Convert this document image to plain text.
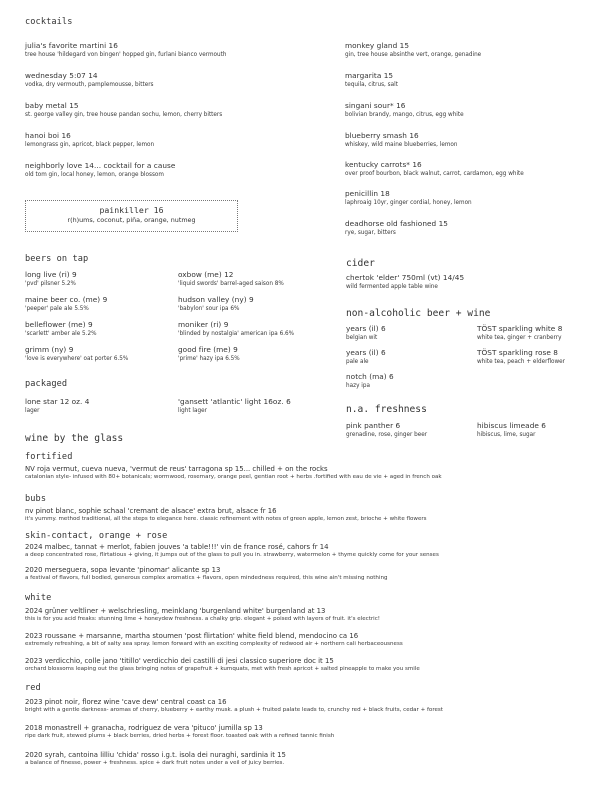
cocktails
julia's favorite martini 16
tree house 'hildegard von bingen' hopped gin, furlani bianco vermouth
wednesday 5:07 14
vodka, dry vermouth, pamplemousse, bitters
baby metal 15
st. george valley gin, tree house pandan sochu, lemon, cherry bitters
hanoi boi 16
lemongrass gin, apricot, black pepper, lemon
neighborly love 14... cocktail for a cause
old tom gin, local honey, lemon, orange blossom
painkiller 16
r(h)ums, coconut, piña, orange, nutmeg
monkey gland 15
gin, tree house absinthe vert, orange, genadine
margarita 15
tequila, citrus, salt
singani sour* 16
bolivian brandy, mango, citrus, egg white
blueberry smash 16
whiskey, wild maine blueberries, lemon
kentucky carrots* 16
over proof bourbon, black walnut, carrot, cardamon, egg white
penicillin 18
laphroaig 10yr, ginger cordial, honey, lemon
deadhorse old fashioned 15
rye, sugar, bitters
beers on tap
long live (ri) 9
'pvd' pilsner 5.2%
maine beer co. (me) 9
'peeper' pale ale 5.5%
belleflower (me) 9
'scarlett' amber ale 5.2%
grimm (ny) 9
'love is everywhere' oat porter 6.5%
oxbow (me) 12
'liquid swords' barrel-aged saison 8%
hudson valley (ny) 9
'babylon' sour ipa 6%
moniker (ri) 9
'blinded by nostalgia' american ipa 6.6%
good fire (me) 9
'prime' hazy ipa 6.5%
cider
chertok 'elder' 750ml (vt) 14/45
wild fermented apple table wine
non-alcoholic beer + wine
years (il) 6
belgian wit
years (il) 6
pale ale
notch (ma) 6
hazy ipa
TÖST sparkling white 8
white tea, ginger + cranberry
TÖST sparkling rose 8
white tea, peach + elderflower
n.a. freshness
pink panther 6
grenadine, rose, ginger beer
hibiscus limeade 6
hibiscus, lime, sugar
packaged
lone star 12 oz. 4
lager
'gansett 'atlantic' light 16oz. 6
light lager
wine by the glass
fortified
NV roja vermut, cueva nueva, 'vermut de reus' tarragona sp 15... chilled + on the rocks
catalonian style- infused with 80+ botanicals; wormwood, rosemary, orange peel, gentian root + herbs .fortified with eau de vie + aged in french oak
bubs
nv pinot blanc, sophie schaal 'cremant de alsace' extra brut, alsace fr 16
it's yummy. method traditional, all the steps to elegance here. classic refinement with notes of green apple, lemon zest, brioche + white flowers
skin-contact, orange + rose
2024 malbec, tannat + merlot, fabien jouves 'a table!!!' vin de france rosé, cahors fr 14
a deep concentrated rose, flirtatious + giving, it jumps out of the glass to pull you in. strawberry, watermelon + thyme quickly come for your senses
2020 merseguera, sopa levante 'pinomar' alicante sp 13
a festival of flavors, full bodied, generous complex aromatics + flavors, open mindedness required, this wine ain't missing nothing
white
2024 grüner veltliner + welschriesling, meinklang 'burgenland white' burgenland at 13
this is for you acid freaks: stunning lime + honeydew freshness. a chalky grip. elegant + poised with layers of fruit. it's electric!
2023 roussane + marsanne, martha stoumen 'post flirtation' white field blend, mendocino ca 16
extremely refreshing, a bit of salty sea spray. lemon forward with an exciting complexity of redwood air + northern cali herbaceousness
2023 verdicchio, colle jano 'titillo' verdicchio dei castilli di jesi classico superiore doc it 15
orchard blossoms leaping out the glass bringing notes of grapefruit + kumquats, met with fresh apricot + salted pineapple to make you smile
red
2023 pinot noir, florez wine 'cave dew' central coast ca 16
bright with a gentle darkness- aromas of cherry, blueberry + earthy musk. a plush + fruited palate leads to, crunchy red + black fruits, cedar + forest
2018 monastrell + granacha, rodriguez de vera 'pituco' jumilla sp 13
ripe dark fruit, stewed plums + black berries, dried herbs + forest floor. toasted oak with a refined tannic finish
2020 syrah, cantoina lilliu 'chida' rosso i.g.t. isola dei nuraghi, sardinia it 15
a balance of finesse, power + freshness. spice + dark fruit notes under a veil of juicy berries.
